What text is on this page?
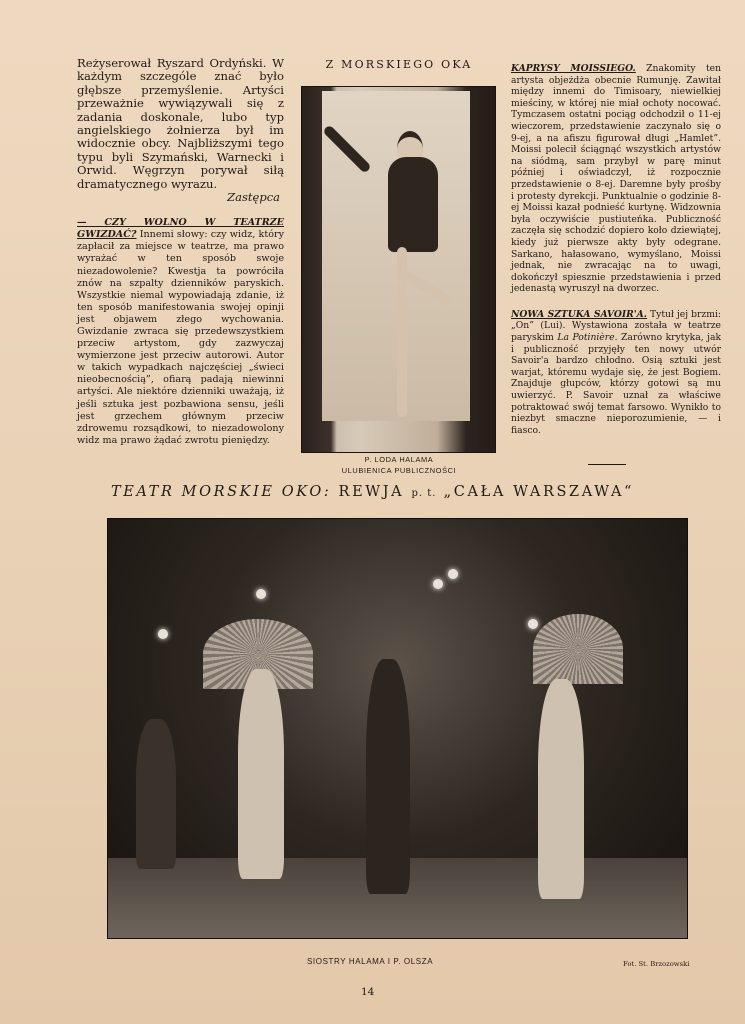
Reżyserował Ryszard Ordyński. W każdym szczególe znać było głębsze przemyślenie. Artyści przeważnie wywiązywali się z zadania doskonale, lubo typ angielskiego żołnierza był im widocznie obcy. Najbliższymi tego typu byli Szymański, Warnecki i Orwid. Węgrzyn porywał siłą dramatycznego wyrazu.

Zastępca

— CZY WOLNO W TEATRZE GWIZDAĆ? Innemi słowy: czy widz, który zapłacił za miejsce w teatrze, ma prawo wyrażać w ten sposób swoje niezadowolenie? Kwestja ta powróciła znów na szpalty dzienników paryskich. Wszystkie niemal wypowiadają zdanie, iż ten sposób manifestowania swojej opinji jest objawem złego wychowania. Gwizdanie zwraca się przedewszystkiem przeciw artystom, gdy zazwyczaj wymierzone jest przeciw autorowi. Autor w takich wypadkach najczęściej „świeci nieobecnością”, ofiarą padają niewinni artyści. Ale niektóre dzienniki uważają, iż jeśli sztuka jest pozbawiona sensu, jeśli jest grzechem głównym przeciw zdrowemu rozsądkowi, to niezadowolony widz ma prawo żądać zwrotu pieniędzy.

Z MORSKIEGO OKA
P. LODA HALAMA
ULUBIENICA PUBLICZNOŚCI

KAPRYSY MOISSIEGO. Znakomity ten artysta objeżdża obecnie Rumunję. Zawitał między innemi do Timisoary, niewielkiej mieściny, w której nie miał ochoty nocować. Tymczasem ostatni pociąg odchodził o 11-ej wieczorem, przedstawienie zaczynało się o 9-ej, a na afiszu figurował długi „Hamlet”. Moissi polecił ściągnąć wszystkich artystów na siódmą, sam przybył w parę minut później i oświadczył, iż rozpocznie przedstawienie o 8-ej. Daremne były prośby i protesty dyrekcji. Punktualnie o godzinie 8-ej Moissi kazał podnieść kurtynę. Widzownia była oczywiście pustiuteńka. Publiczność zaczęła się schodzić dopiero koło dziewiątej, kiedy już pierwsze akty były odegrane. Sarkano, hałasowano, wymyślano, Moissi jednak, nie zwracając na to uwagi, dokończył spiesznie przedstawienia i przed jedenastą wyruszył na dworzec.

NOWA SZTUKA SAVOIR'A. Tytuł jej brzmi: „On” (Lui). Wystawiona została w teatrze paryskim La Potinière. Zarówno krytyka, jak i publiczność przyjęły ten nowy utwór Savoir'a bardzo chłodno. Osią sztuki jest warjat, któremu wydaje się, że jest Bogiem. Znajduje głupców, którzy gotowi są mu uwierzyć. P. Savoir uznał za właściwe potraktować swój temat farsowo. Wynikło to niezbyt smaczne nieporozumienie, — i fiasco.

TEATR MORSKIE OKO: REWJA p. t. „CAŁA WARSZAWA“
SIOSTRY HALAMA I P. OLSZA	Fot. St. Brzozowski
14
